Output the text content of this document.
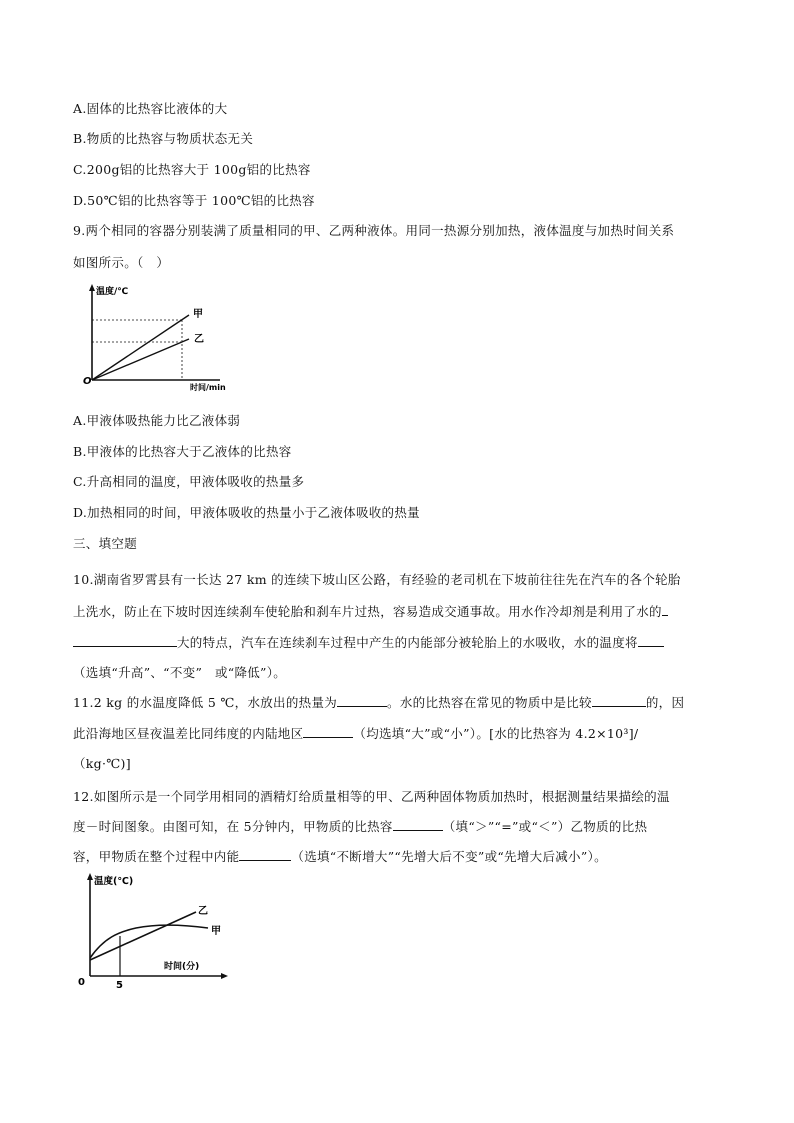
A.固体的比热容比液体的大
B.物质的比热容与物质状态无关
C.200g铝的比热容大于 100g铝的比热容
D.50℃铝的比热容等于 100℃铝的比热容
9.两个相同的容器分别装满了质量相同的甲、乙两种液体。用同一热源分别加热，液体温度与加热时间关系
如图所示。（　）
温度/℃
甲
乙
O
时间/min
A.甲液体吸热能力比乙液体弱
B.甲液体的比热容大于乙液体的比热容
C.升高相同的温度，甲液体吸收的热量多
D.加热相同的时间，甲液体吸收的热量小于乙液体吸收的热量
三、填空题
10.湖南省罗霄县有一长达 27 km 的连续下坡山区公路，有经验的老司机在下坡前往往先在汽车的各个轮胎
上洗水，防止在下坡时因连续刹车使轮胎和刹车片过热，容易造成交通事故。用水作冷却剂是利用了水的
大的特点，汽车在连续刹车过程中产生的内能部分被轮胎上的水吸收，水的温度将
（选填“升高”、“不变”　或“降低”）。
11.2 kg 的水温度降低 5 ℃，水放出的热量为	。水的比热容在常见的物质中是比较	的，因
此沿海地区昼夜温差比同纬度的内陆地区	（均选填“大”或“小”）。[水的比热容为 4.2×10³]/
（kg·℃)]
12.如图所示是一个同学用相同的酒精灯给质量相等的甲、乙两种固体物质加热时，根据测量结果描绘的温
度－时间图象。由图可知，在 5分钟内，甲物质的比热容	（填“＞”“=”或“＜”）乙物质的比热
容，甲物质在整个过程中内能	（选填“不断增大”“先增大后不变”或“先增大后减小”）。
温度(℃)
乙
甲
时间(分)
0	5
